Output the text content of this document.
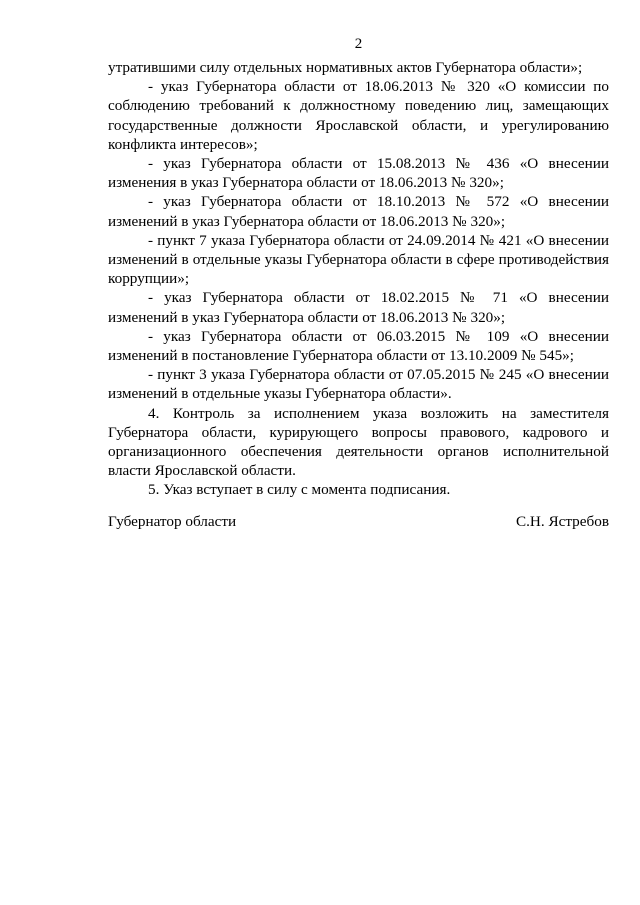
2

утратившими силу отдельных нормативных актов Губернатора области»;

- указ Губернатора области от 18.06.2013 № 320 «О комиссии по соблюдению требований к должностному поведению лиц, замещающих государственные должности Ярославской области, и урегулированию конфликта интересов»;

- указ Губернатора области от 15.08.2013 № 436 «О внесении изменения в указ Губернатора области от 18.06.2013 № 320»;

- указ Губернатора области от 18.10.2013 № 572 «О внесении изменений в указ Губернатора области от 18.06.2013 № 320»;

- пункт 7 указа Губернатора области от 24.09.2014 № 421 «О внесении изменений в отдельные указы Губернатора области в сфере противодействия коррупции»;

- указ Губернатора области от 18.02.2015 № 71 «О внесении изменений в указ Губернатора области от 18.06.2013 № 320»;

- указ Губернатора области от 06.03.2015 № 109 «О внесении изменений в постановление Губернатора области от 13.10.2009 № 545»;

- пункт 3 указа Губернатора области от 07.05.2015 № 245 «О внесении изменений в отдельные указы Губернатора области».

4. Контроль за исполнением указа возложить на заместителя Губернатора области, курирующего вопросы правового, кадрового и организационного обеспечения деятельности органов исполнительной власти Ярославской области.

5. Указ вступает в силу с момента подписания.

Губернатор области	С.Н. Ястребов
